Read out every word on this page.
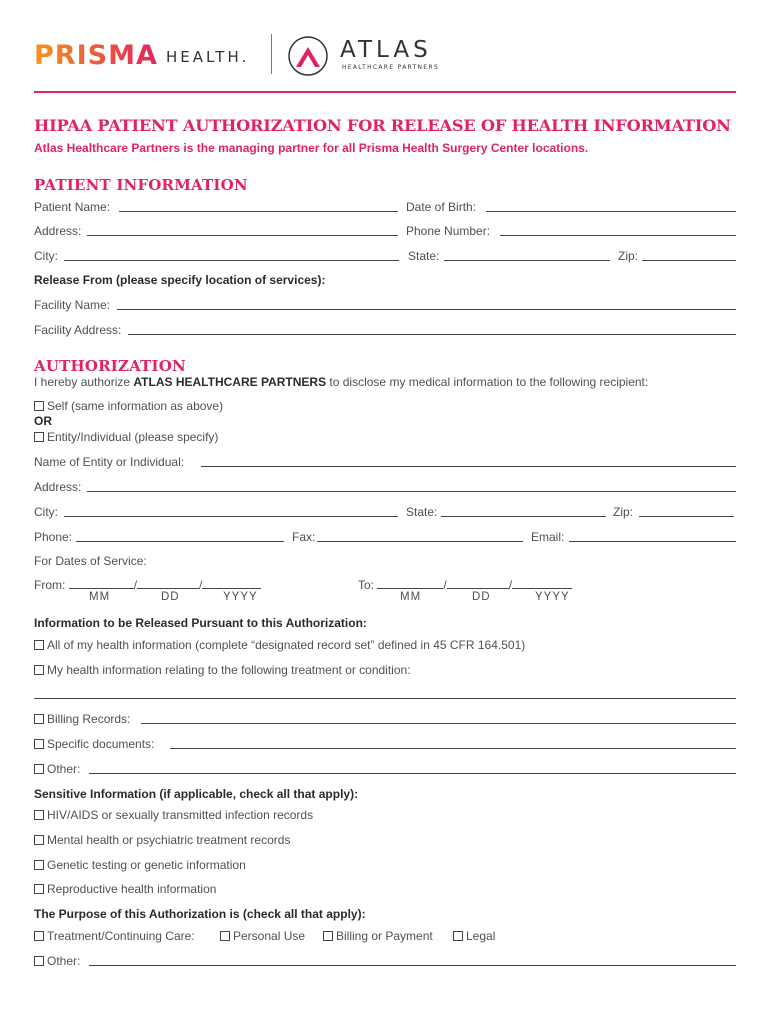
PRISMA HEALTH.	ATLAS
HEALTHCARE PARTNERS
HIPAA PATIENT AUTHORIZATION FOR RELEASE OF HEALTH INFORMATION
Atlas Healthcare Partners is the managing partner for all Prisma Health Surgery Center locations.
PATIENT INFORMATION
Patient Name:	Date of Birth:
Address:	Phone Number:
City:	State:	Zip:
Release From (please specify location of services):
Facility Name:
Facility Address:
AUTHORIZATION
I hereby authorize ATLAS HEALTHCARE PARTNERS to disclose my medical information to the following recipient:
Self (same information as above)
OR
Entity/Individual (please specify)
Name of Entity or Individual:
Address:
City:	State:	Zip:
Phone:	Fax:	Email:
For Dates of Service:
From:	/	/
MM	DD	YYYY
To:	/	/
MM	DD	YYYY
Information to be Released Pursuant to this Authorization:
All of my health information (complete “designated record set” defined in 45 CFR 164.501)
My health information relating to the following treatment or condition:
Billing Records:
Specific documents:
Other:
Sensitive Information (if applicable, check all that apply):
HIV/AIDS or sexually transmitted infection records
Mental health or psychiatric treatment records
Genetic testing or genetic information
Reproductive health information
The Purpose of this Authorization is (check all that apply):
Treatment/Continuing Care:	Personal Use	Billing or Payment	Legal
Other:
